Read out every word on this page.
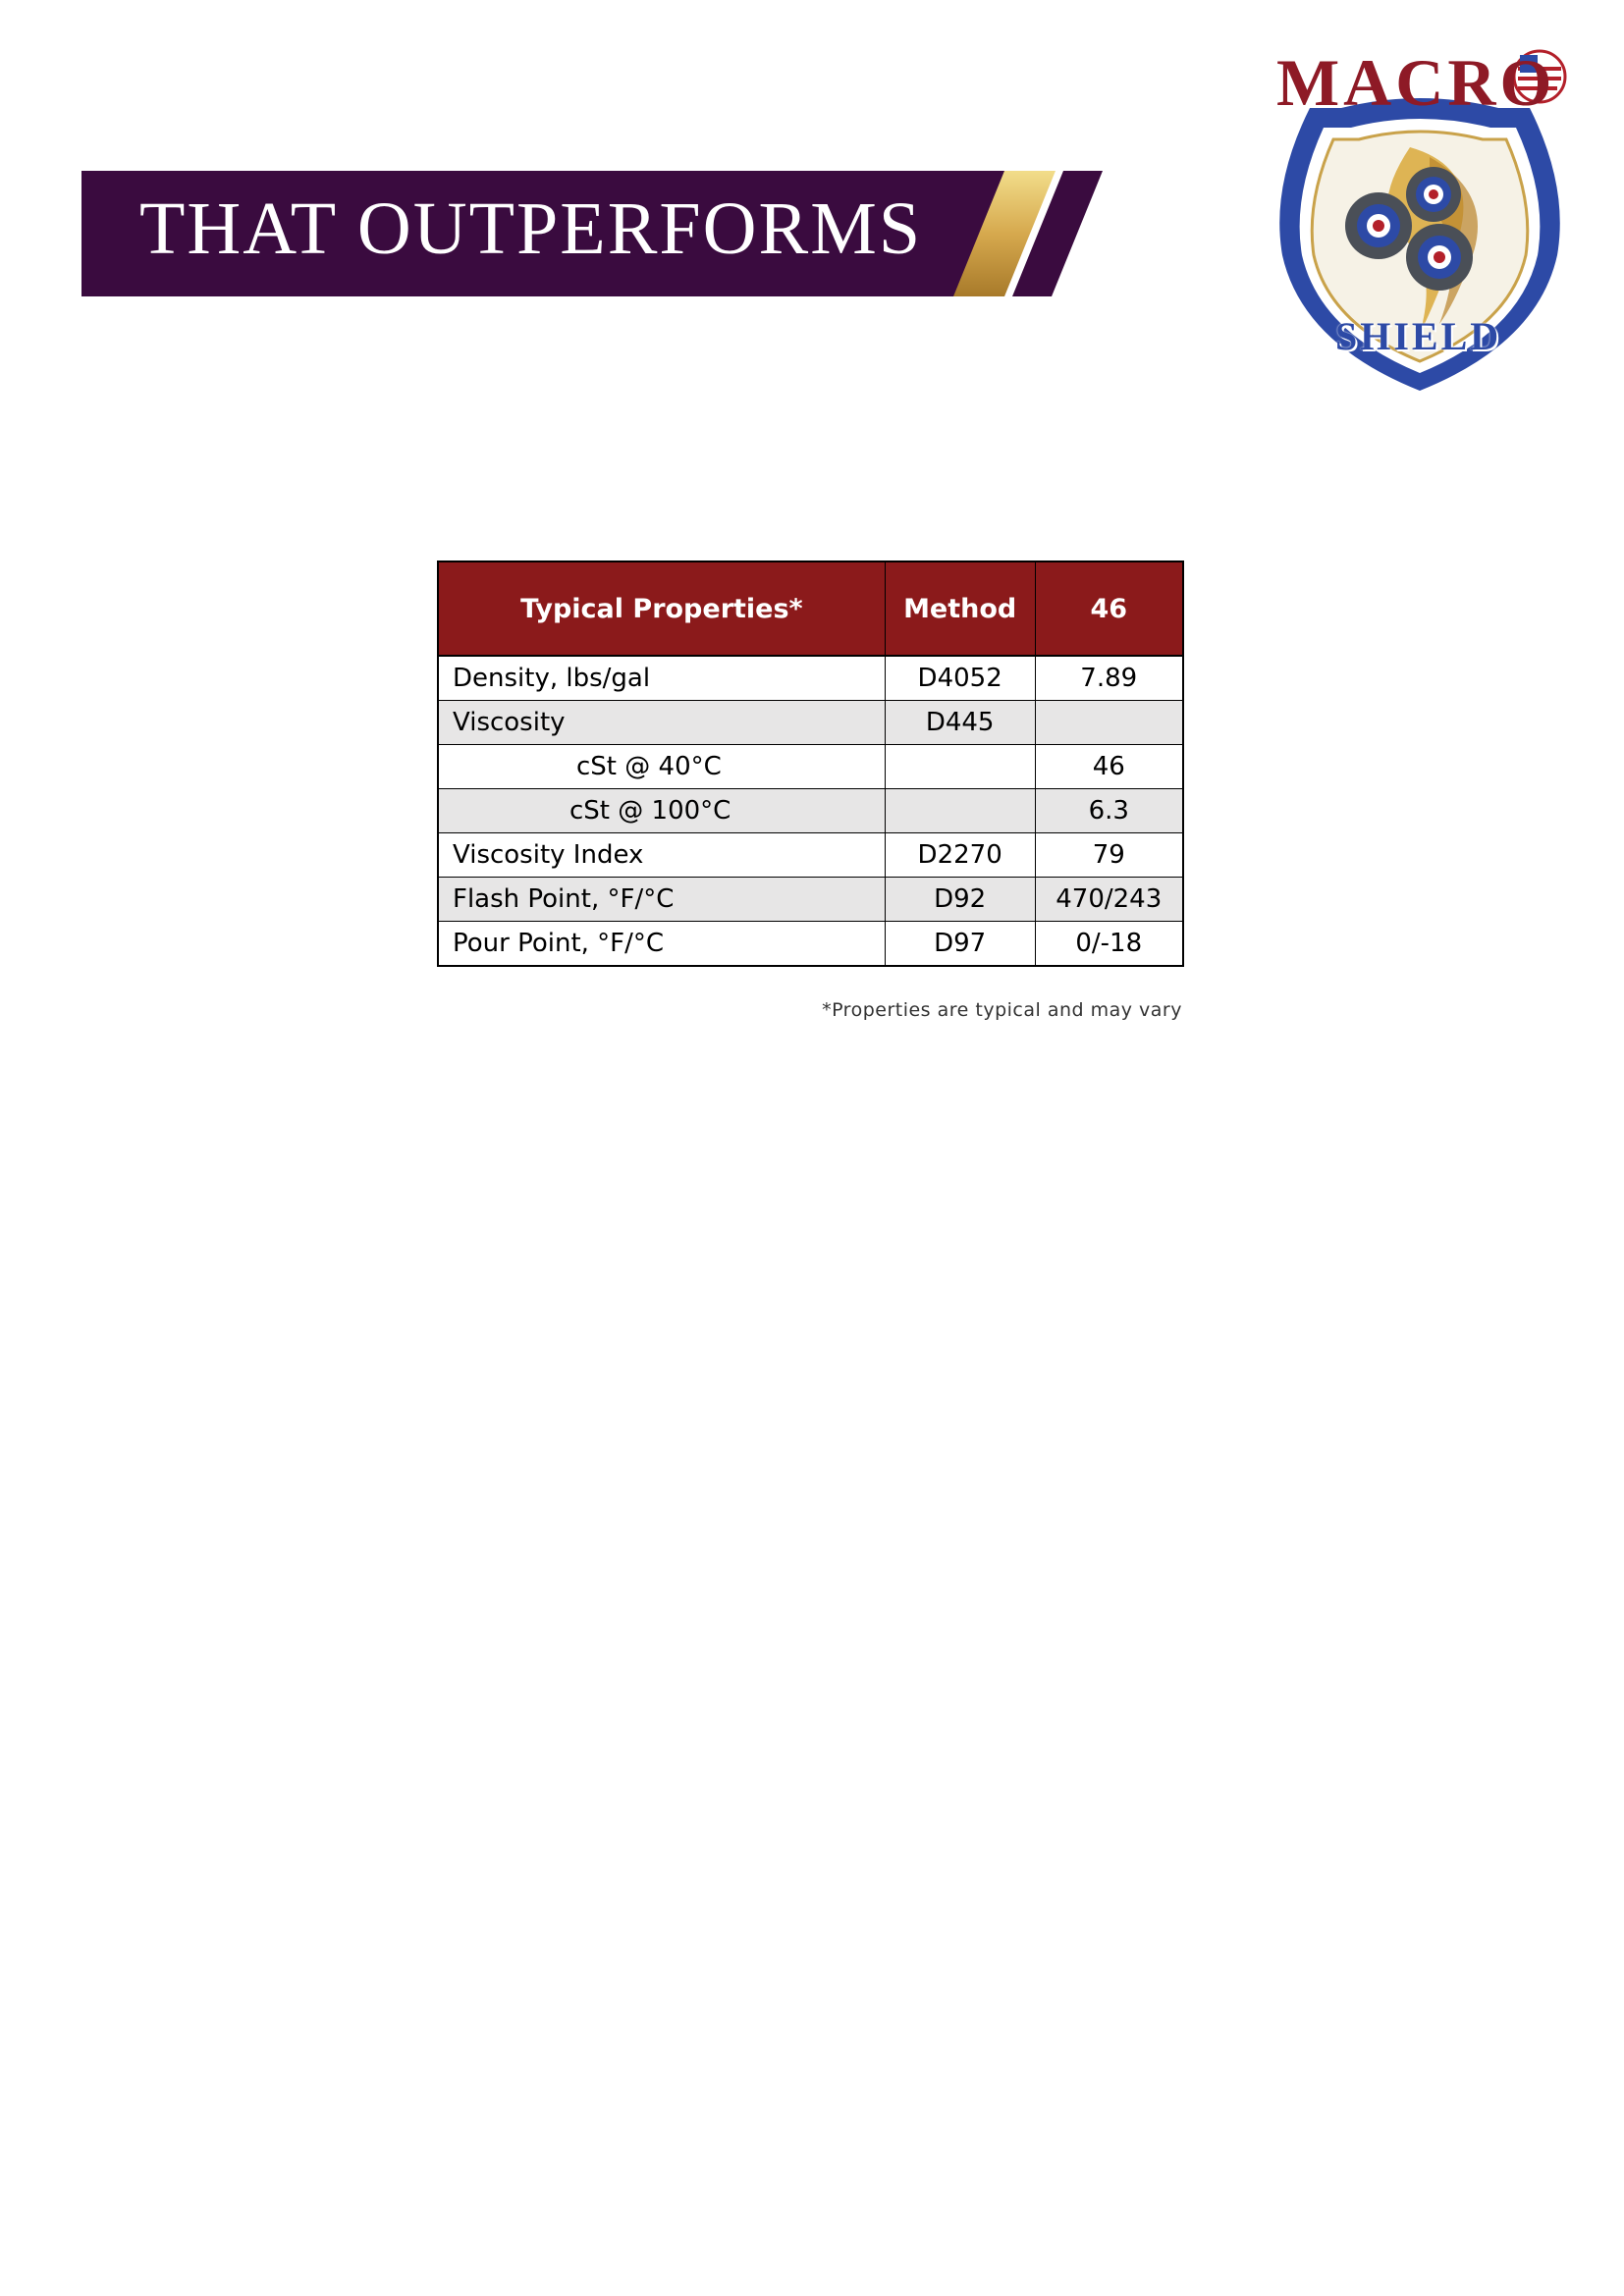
THAT OUTPERFORMS

MACRO

SHIELD

Typical Properties*	Method	46
Density, lbs/gal	D4052	7.89
Viscosity	D445	
cSt @ 40°C		46
cSt @ 100°C		6.3
Viscosity Index	D2270	79
Flash Point, °F/°C	D92	470/243
Pour Point, °F/°C	D97	0/-18

*Properties are typical and may vary
